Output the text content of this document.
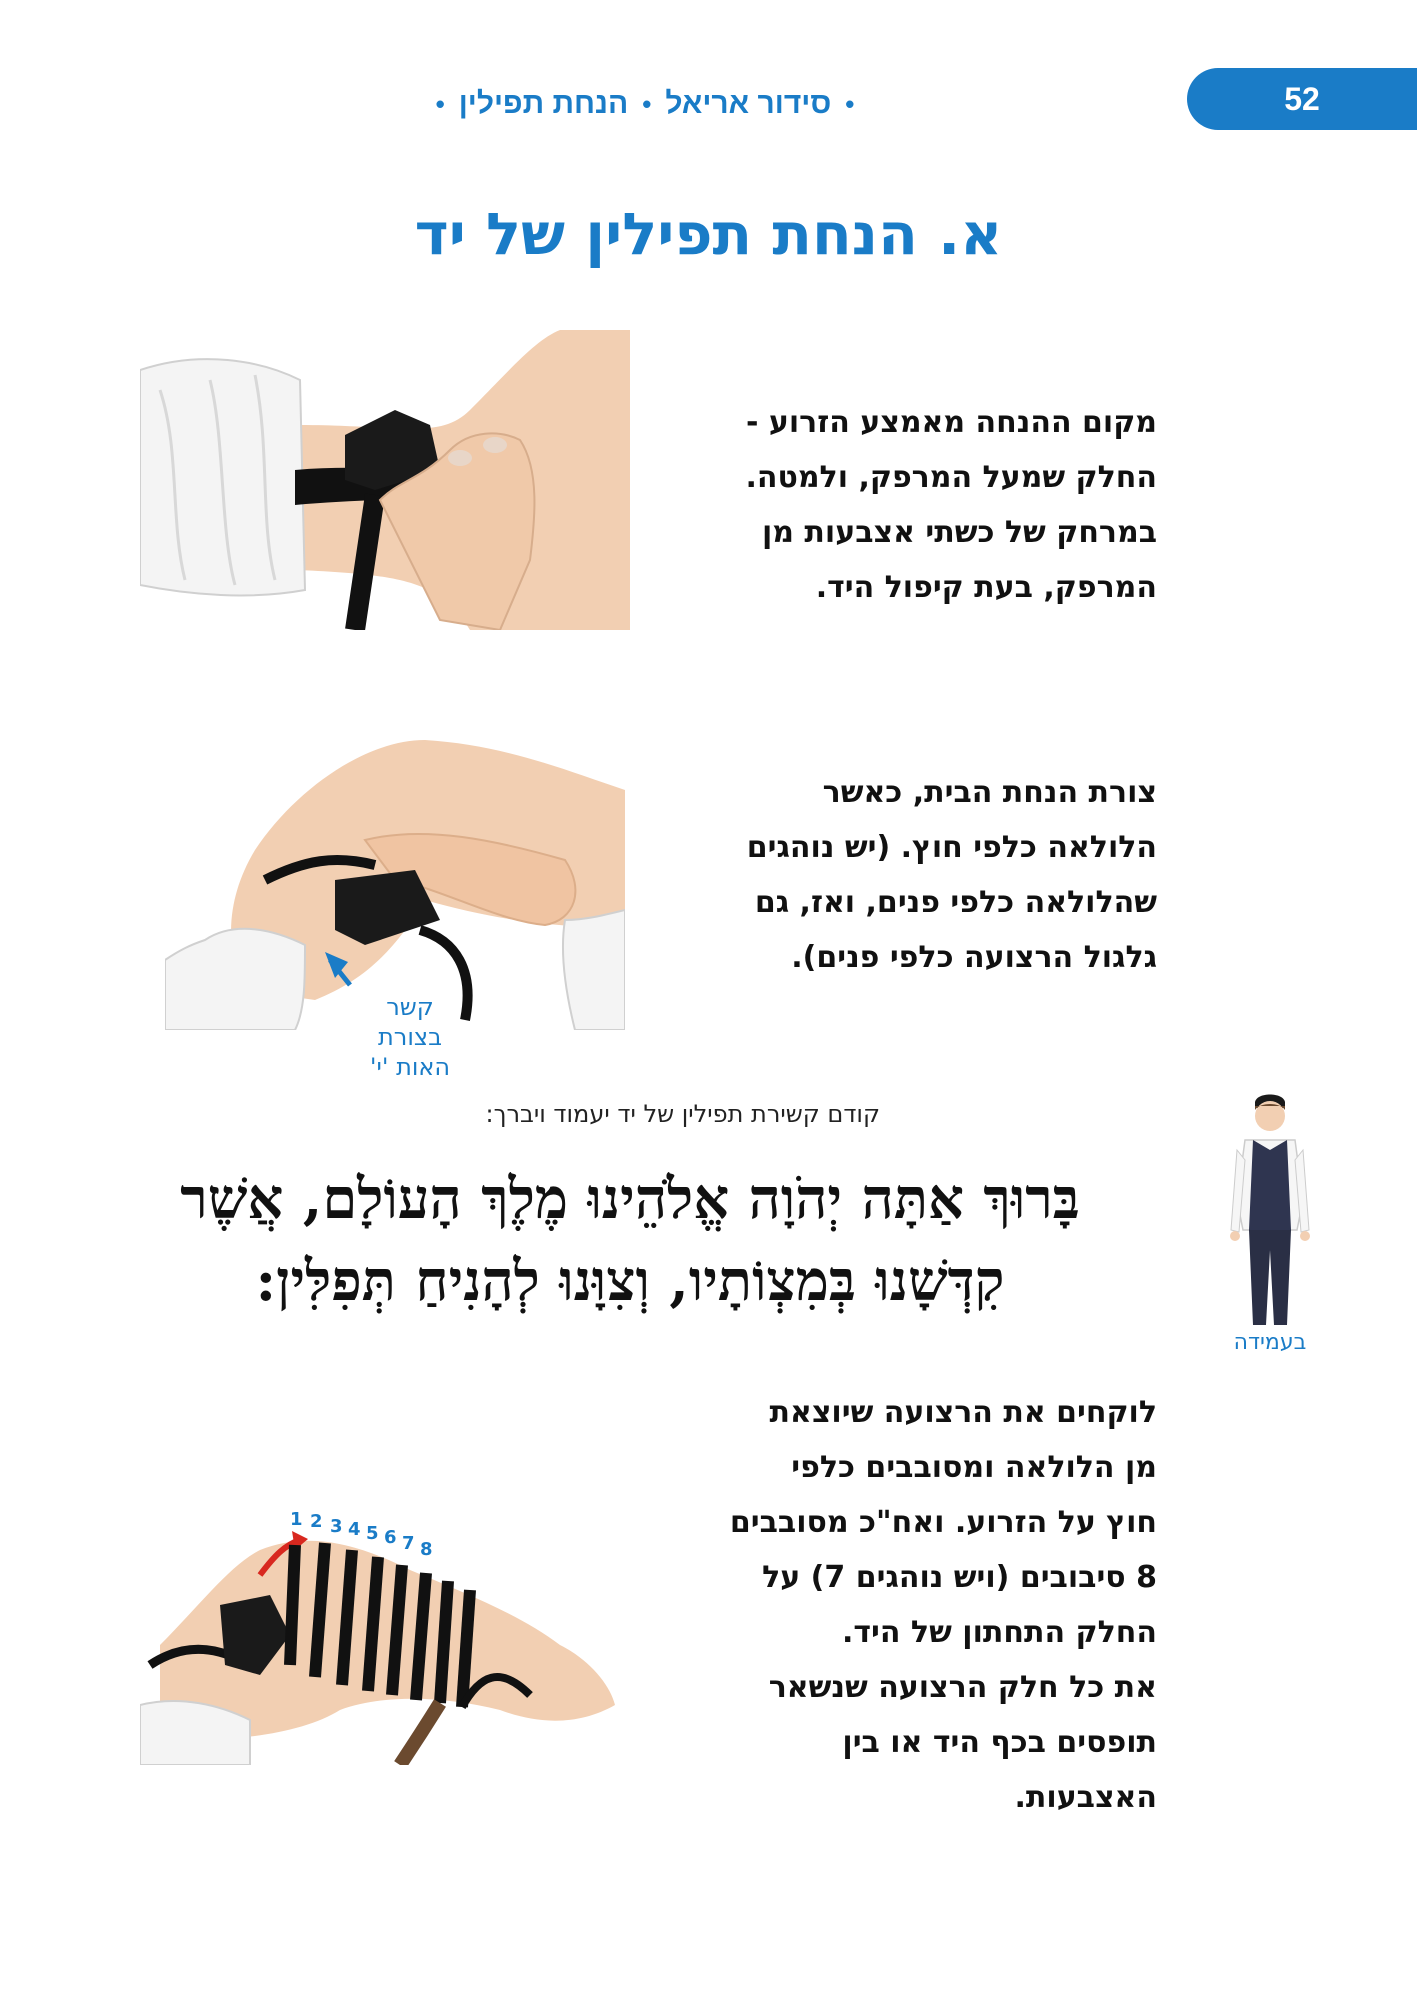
52
•
סידור אריאל
•
הנחת תפילין
•
א. הנחת תפילין של יד
מקום ההנחה מאמצע הזרוע -
החלק שמעל המרפק, ולמטה.
במרחק של כשתי אצבעות מן
המרפק, בעת קיפול היד.
קשר
בצורת
האות 'י'
צורת הנחת הבית, כאשר
הלולאה כלפי חוץ. (יש נוהגים
שהלולאה כלפי פנים, ואז, גם
גלגול הרצועה כלפי פנים).
קודם קשירת תפילין של יד יעמוד ויברך:
בָּרוּךְ אַתָּה יְהֹוָה אֱלֹהֵינוּ מֶלֶךְ הָעוֹלָם, אֲשֶׁר
קִדְּשָׁנוּ בְּמִצְוֹתָיו, וְצִוָּנוּ לְהָנִיחַ תְּפִלִּין:
בעמידה
1 2 3 4 5 6 7 8
לוקחים את הרצועה שיוצאת
מן הלולאה ומסובבים כלפי
חוץ על הזרוע. ואח"כ מסובבים
8 סיבובים (ויש נוהגים 7) על
החלק התחתון של היד.
את כל חלק הרצועה שנשאר
תופסים בכף היד או בין
האצבעות.
